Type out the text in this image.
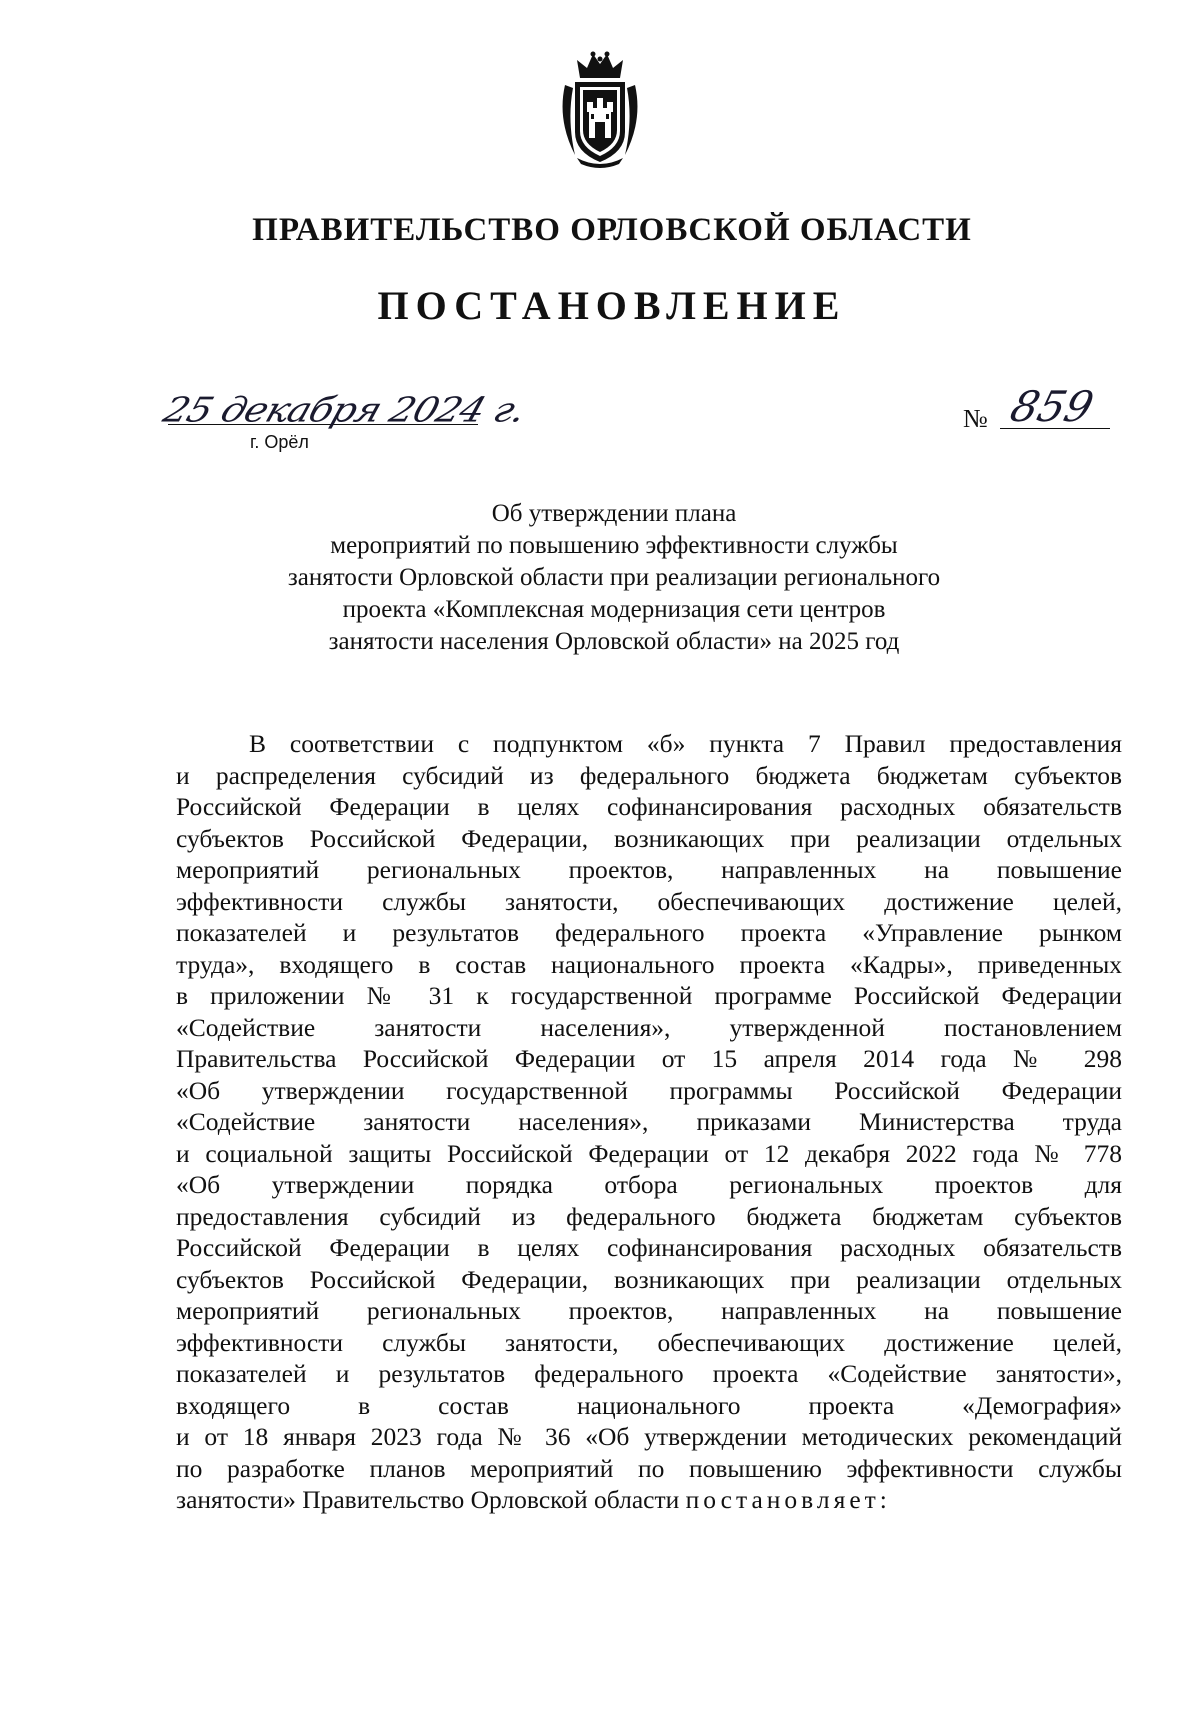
ПРАВИТЕЛЬСТВО ОРЛОВСКОЙ ОБЛАСТИ
ПОСТАНОВЛЕНИЕ
25 декабря 2024 г.
г. Орёл
№ 859
Об утверждении плана
мероприятий по повышению эффективности службы
занятости Орловской области при реализации регионального
проекта «Комплексная модернизация сети центров
занятости населения Орловской области» на 2025 год
В соответствии с подпунктом «б» пункта 7 Правил предоставления
и распределения субсидий из федерального бюджета бюджетам субъектов
Российской Федерации в целях софинансирования расходных обязательств
субъектов Российской Федерации, возникающих при реализации отдельных
мероприятий региональных проектов, направленных на повышение
эффективности службы занятости, обеспечивающих достижение целей,
показателей и результатов федерального проекта «Управление рынком
труда», входящего в состав национального проекта «Кадры», приведенных
в приложении № 31 к государственной программе Российской Федерации
«Содействие занятости населения», утвержденной постановлением
Правительства Российской Федерации от 15 апреля 2014 года № 298
«Об утверждении государственной программы Российской Федерации
«Содействие занятости населения», приказами Министерства труда
и социальной защиты Российской Федерации от 12 декабря 2022 года № 778
«Об утверждении порядка отбора региональных проектов для
предоставления субсидий из федерального бюджета бюджетам субъектов
Российской Федерации в целях софинансирования расходных обязательств
субъектов Российской Федерации, возникающих при реализации отдельных
мероприятий региональных проектов, направленных на повышение
эффективности службы занятости, обеспечивающих достижение целей,
показателей и результатов федерального проекта «Содействие занятости»,
входящего в состав национального проекта «Демография»
и от 18 января 2023 года № 36 «Об утверждении методических рекомендаций
по разработке планов мероприятий по повышению эффективности службы
занятости» Правительство Орловской области постановляет:
